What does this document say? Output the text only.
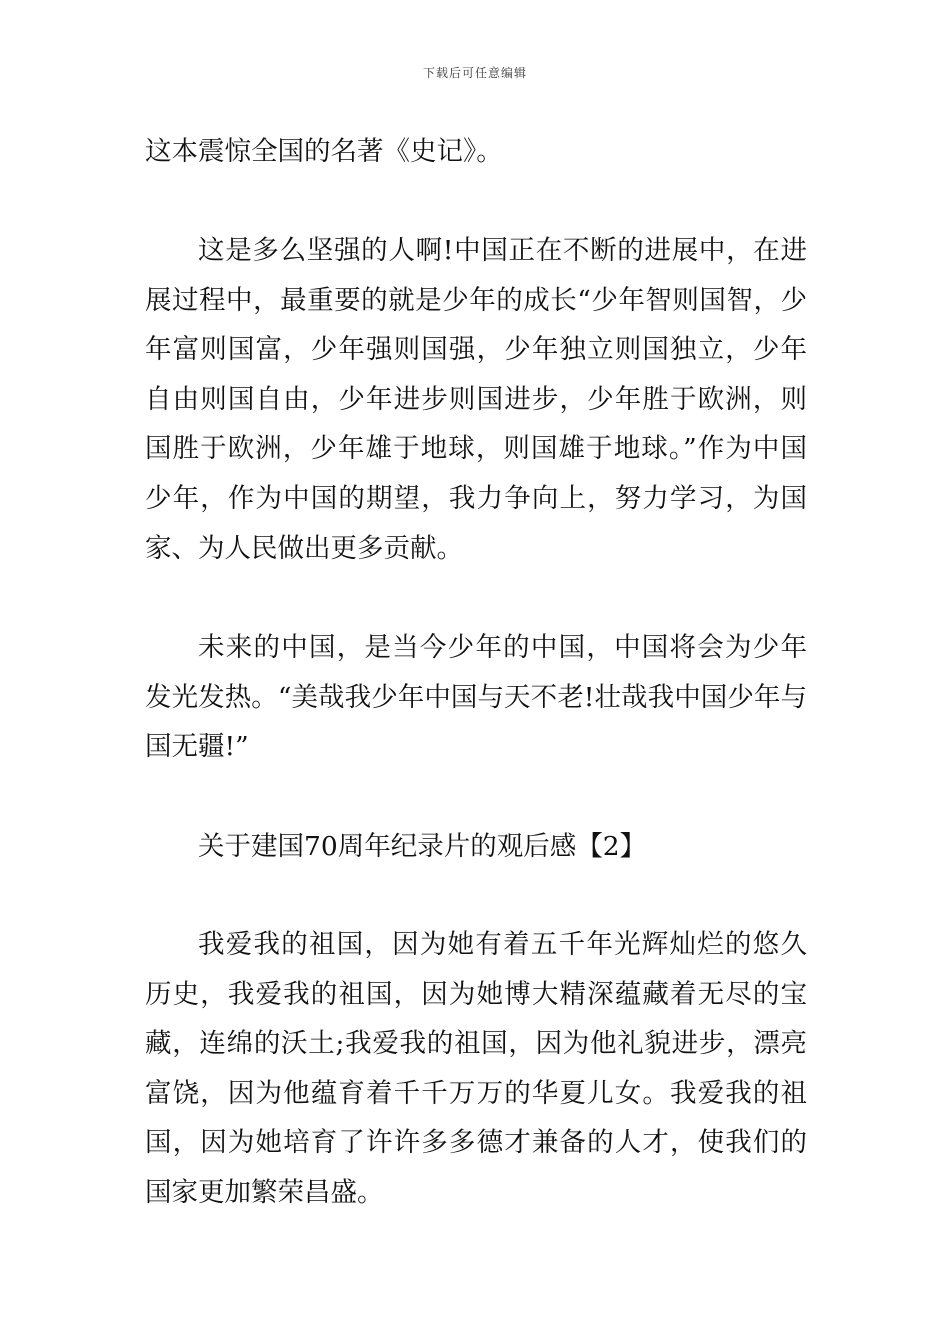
下载后可任意编辑

这本震惊全国的名著《史记》。

这是多么坚强的人啊!中国正在不断的进展中，在进展过程中，最重要的就是少年的成长“少年智则国智，少年富则国富，少年强则国强，少年独立则国独立，少年自由则国自由，少年进步则国进步，少年胜于欧洲，则国胜于欧洲，少年雄于地球，则国雄于地球。”作为中国少年，作为中国的期望，我力争向上，努力学习，为国家、为人民做出更多贡献。

未来的中国，是当今少年的中国，中国将会为少年发光发热。“美哉我少年中国与天不老!壮哉我中国少年与国无疆!”

关于建国70周年纪录片的观后感【2】

我爱我的祖国，因为她有着五千年光辉灿烂的悠久历史，我爱我的祖国，因为她博大精深蕴藏着无尽的宝藏，连绵的沃土;我爱我的祖国，因为他礼貌进步，漂亮富饶，因为他蕴育着千千万万的华夏儿女。我爱我的祖国，因为她培育了许许多多德才兼备的人才，使我们的国家更加繁荣昌盛。
